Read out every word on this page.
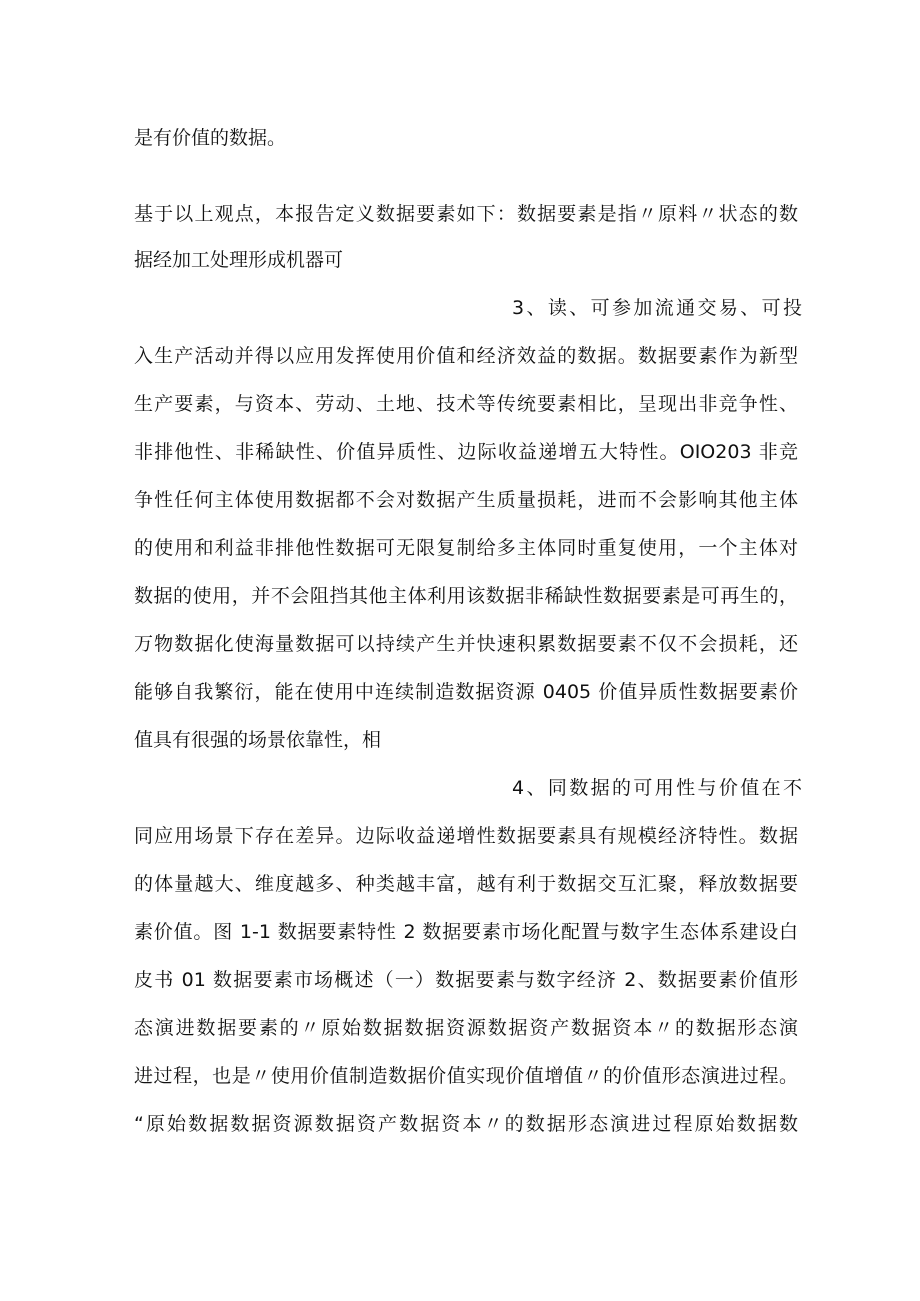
是有价值的数据。
基于以上观点，本报告定义数据要素如下：数据要素是指〃原料〃状态的数
据经加工处理形成机器可
3、读、可参加流通交易、可投
入生产活动并得以应用发挥使用价值和经济效益的数据。数据要素作为新型
生产要素，与资本、劳动、土地、技术等传统要素相比，呈现出非竞争性、
非排他性、非稀缺性、价值异质性、边际收益递增五大特性。OIO203 非竞
争性任何主体使用数据都不会对数据产生质量损耗，进而不会影响其他主体
的使用和利益非排他性数据可无限复制给多主体同时重复使用，一个主体对
数据的使用，并不会阻挡其他主体利用该数据非稀缺性数据要素是可再生的，
万物数据化使海量数据可以持续产生并快速积累数据要素不仅不会损耗，还
能够自我繁衍，能在使用中连续制造数据资源 0405 价值异质性数据要素价
值具有很强的场景依靠性，相
4、同数据的可用性与价值在不
同应用场景下存在差异。边际收益递增性数据要素具有规模经济特性。数据
的体量越大、维度越多、种类越丰富，越有利于数据交互汇聚，释放数据要
素价值。图 1-1 数据要素特性 2 数据要素市场化配置与数字生态体系建设白
皮书 01 数据要素市场概述（一）数据要素与数字经济 2、数据要素价值形
态演进数据要素的〃原始数据数据资源数据资产数据资本〃的数据形态演
进过程，也是〃使用价值制造数据价值实现价值增值〃的价值形态演进过程。
“原始数据数据资源数据资产数据资本〃的数据形态演进过程原始数据数
